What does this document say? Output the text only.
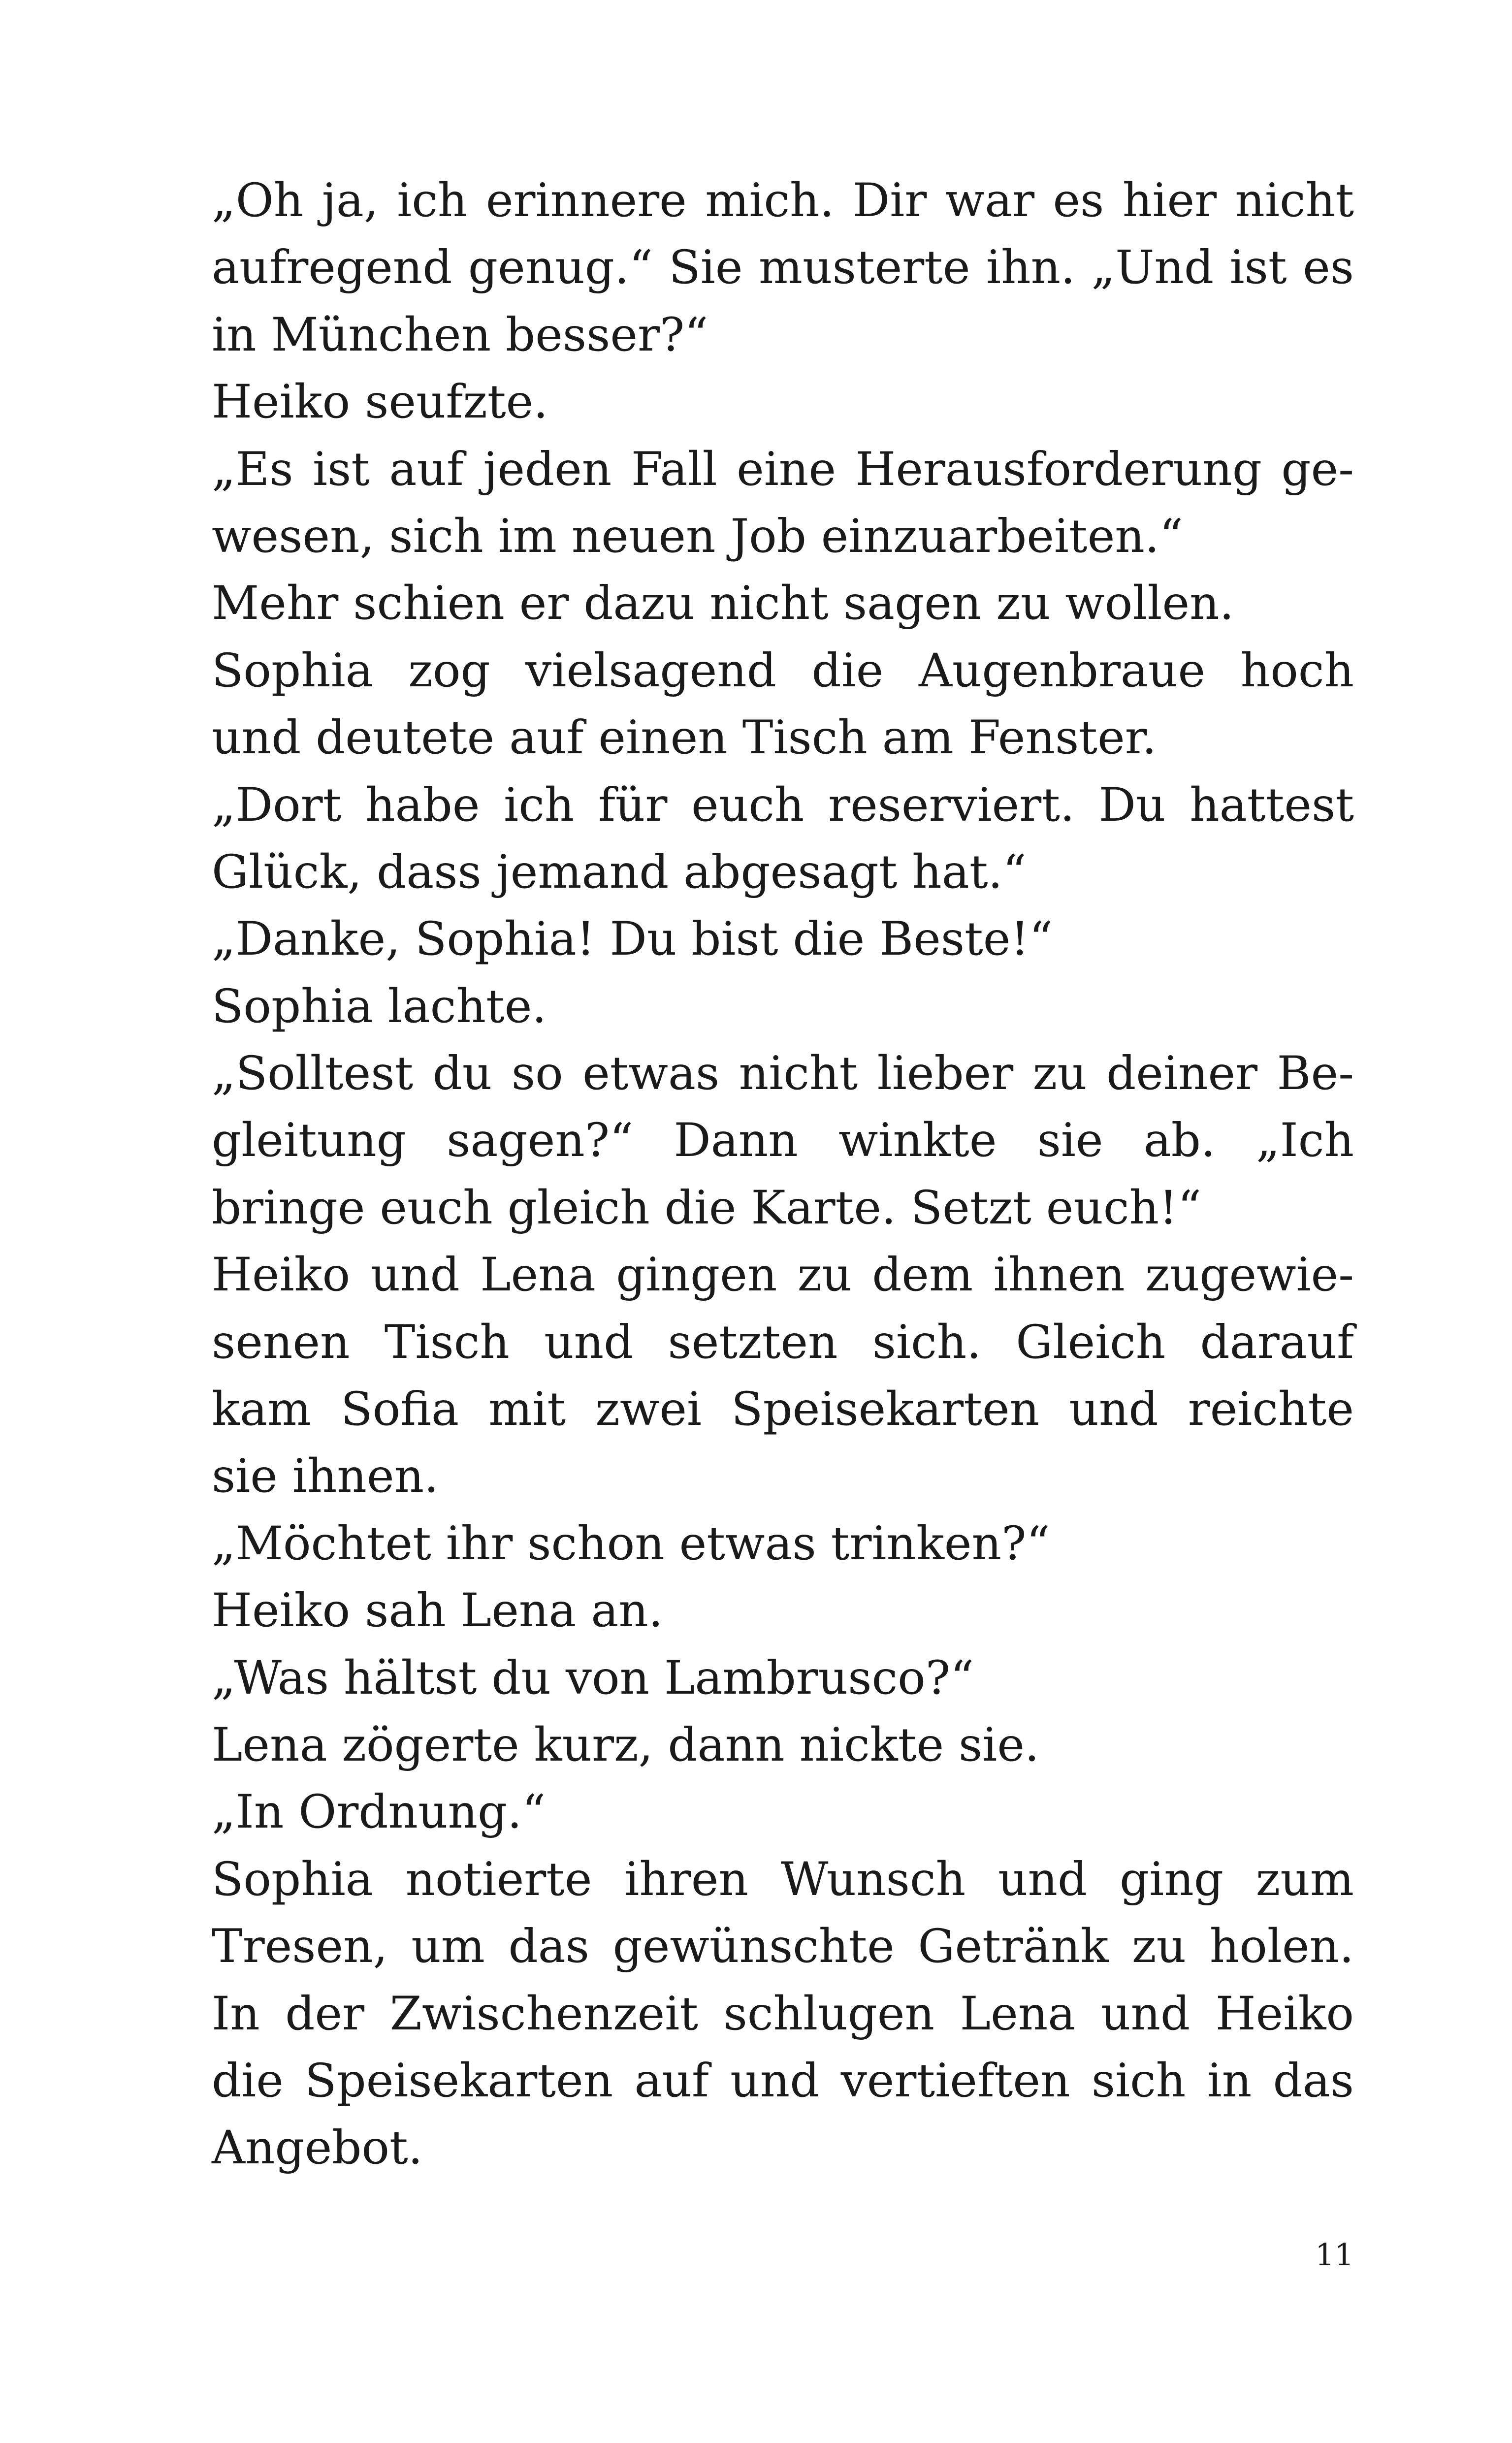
„Oh ja, ich erinnere mich. Dir war es hier nicht
aufregend genug.“ Sie musterte ihn. „Und ist es
in München besser?“
Heiko seufzte.
„Es ist auf jeden Fall eine Herausforderung ge-
wesen, sich im neuen Job einzuarbeiten.“
Mehr schien er dazu nicht sagen zu wollen.
Sophia zog vielsagend die Augenbraue hoch
und deutete auf einen Tisch am Fenster.
„Dort habe ich für euch reserviert. Du hattest
Glück, dass jemand abgesagt hat.“
„Danke, Sophia! Du bist die Beste!“
Sophia lachte.
„Solltest du so etwas nicht lieber zu deiner Be-
gleitung sagen?“ Dann winkte sie ab. „Ich
bringe euch gleich die Karte. Setzt euch!“
Heiko und Lena gingen zu dem ihnen zugewie-
senen Tisch und setzten sich. Gleich darauf
kam Sofia mit zwei Speisekarten und reichte
sie ihnen.
„Möchtet ihr schon etwas trinken?“
Heiko sah Lena an.
„Was hältst du von Lambrusco?“
Lena zögerte kurz, dann nickte sie.
„In Ordnung.“
Sophia notierte ihren Wunsch und ging zum
Tresen, um das gewünschte Getränk zu holen.
In der Zwischenzeit schlugen Lena und Heiko
die Speisekarten auf und vertieften sich in das
Angebot.
11
